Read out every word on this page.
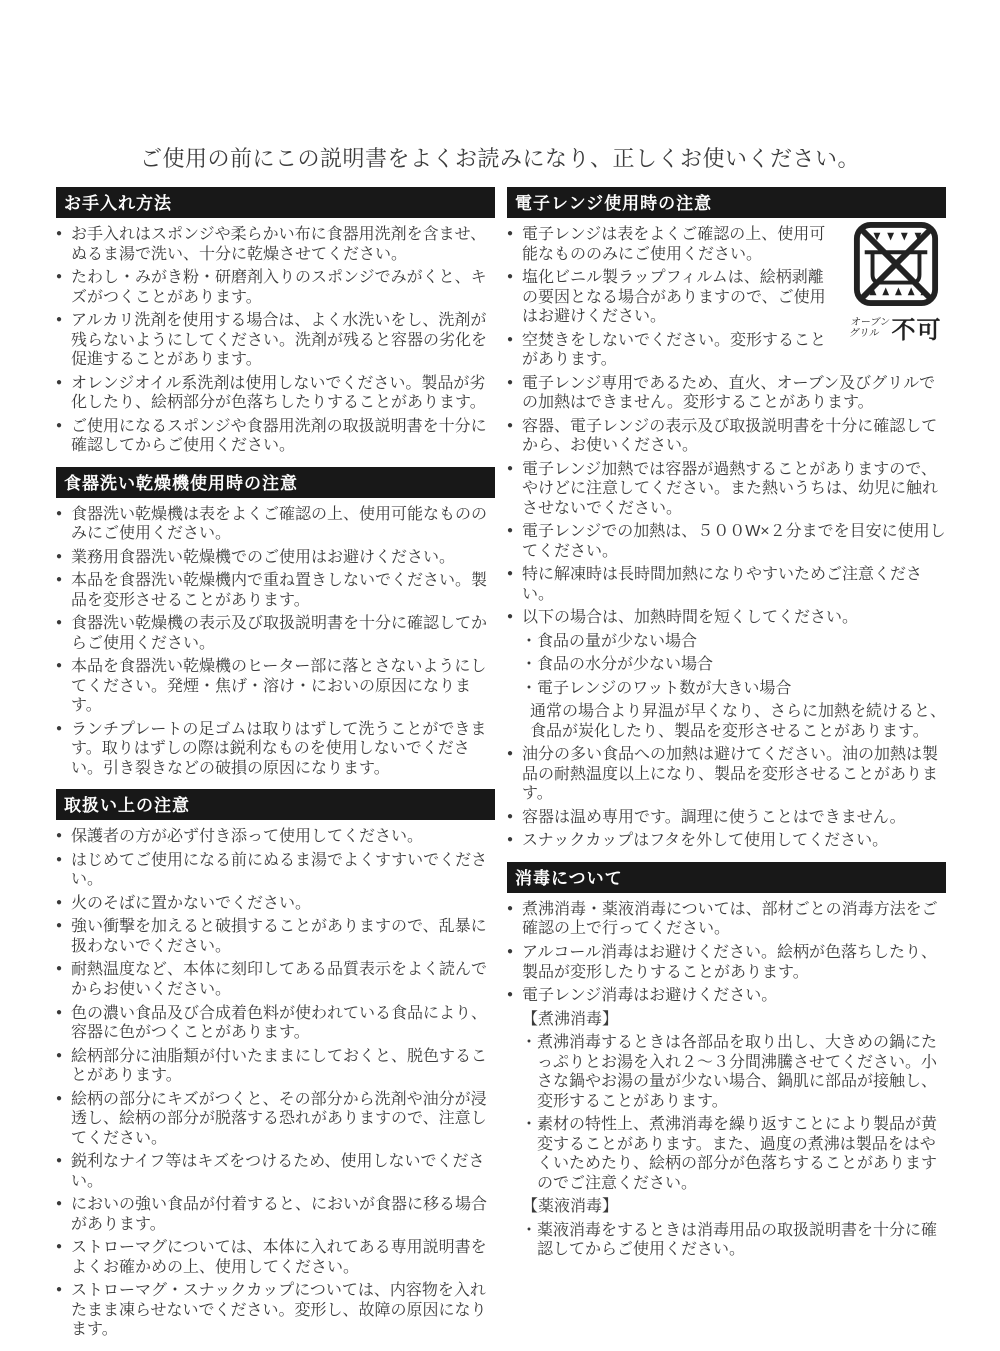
ご使用の前にこの説明書をよくお読みになり、正しくお使いください。
お手入れ方法
● お手入れはスポンジや柔らかい布に食器用洗剤を含ませ、ぬるま湯で洗い、十分に乾燥させてください。
● たわし・みがき粉・研磨剤入りのスポンジでみがくと、キズがつくことがあります。
● アルカリ洗剤を使用する場合は、よく水洗いをし、洗剤が残らないようにしてください。洗剤が残ると容器の劣化を促進することがあります。
● オレンジオイル系洗剤は使用しないでください。製品が劣化したり、絵柄部分が色落ちしたりすることがあります。
● ご使用になるスポンジや食器用洗剤の取扱説明書を十分に確認してからご使用ください。
食器洗い乾燥機使用時の注意
● 食器洗い乾燥機は表をよくご確認の上、使用可能なもののみにご使用ください。
● 業務用食器洗い乾燥機でのご使用はお避けください。
● 本品を食器洗い乾燥機内で重ね置きしないでください。製品を変形させることがあります。
● 食器洗い乾燥機の表示及び取扱説明書を十分に確認してからご使用ください。
● 本品を食器洗い乾燥機のヒーター部に落とさないようにしてください。発煙・焦げ・溶け・においの原因になります。
● ランチプレートの足ゴムは取りはずして洗うことができます。取りはずしの際は鋭利なものを使用しないでください。引き裂きなどの破損の原因になります。
取扱い上の注意
● 保護者の方が必ず付き添って使用してください。
● はじめてご使用になる前にぬるま湯でよくすすいでください。
● 火のそばに置かないでください。
● 強い衝撃を加えると破損することがありますので、乱暴に扱わないでください。
● 耐熱温度など、本体に刻印してある品質表示をよく読んでからお使いください。
● 色の濃い食品及び合成着色料が使われている食品により、容器に色がつくことがあります。
● 絵柄部分に油脂類が付いたままにしておくと、脱色することがあります。
● 絵柄の部分にキズがつくと、その部分から洗剤や油分が浸透し、絵柄の部分が脱落する恐れがありますので、注意してください。
● 鋭利なナイフ等はキズをつけるため、使用しないでください。
● においの強い食品が付着すると、においが食器に移る場合があります。
● ストローマグについては、本体に入れてある専用説明書をよくお確かめの上、使用してください。
● ストローマグ・スナックカップについては、内容物を入れたまま凍らせないでください。変形し、故障の原因になります。
電子レンジ使用時の注意
オーブン
グリル 不可
● 電子レンジは表をよくご確認の上、使用可能なもののみにご使用ください。
● 塩化ビニル製ラップフィルムは、絵柄剥離の要因となる場合がありますので、ご使用はお避けください。
● 空焚きをしないでください。変形することがあります。
● 電子レンジ専用であるため、直火、オーブン及びグリルでの加熱はできません。変形することがあります。
● 容器、電子レンジの表示及び取扱説明書を十分に確認してから、お使いください。
● 電子レンジ加熱では容器が過熱することがありますので、やけどに注意してください。また熱いうちは、幼児に触れさせないでください。
● 電子レンジでの加熱は、５００W×２分までを目安に使用してください。
● 特に解凍時は長時間加熱になりやすいためご注意ください。
● 以下の場合は、加熱時間を短くしてください。
・ 食品の量が少ない場合
・ 食品の水分が少ない場合
・ 電子レンジのワット数が大きい場合
通常の場合より昇温が早くなり、さらに加熱を続けると、食品が炭化したり、製品を変形させることがあります。
● 油分の多い食品への加熱は避けてください。油の加熱は製品の耐熱温度以上になり、製品を変形させることがあります。
● 容器は温め専用です。調理に使うことはできません。
● スナックカップはフタを外して使用してください。
消毒について
● 煮沸消毒・薬液消毒については、部材ごとの消毒方法をご確認の上で行ってください。
● アルコール消毒はお避けください。絵柄が色落ちしたり、製品が変形したりすることがあります。
● 電子レンジ消毒はお避けください。
【煮沸消毒】
・ 煮沸消毒するときは各部品を取り出し、大きめの鍋にたっぷりとお湯を入れ２～３分間沸騰させてください。小さな鍋やお湯の量が少ない場合、鍋肌に部品が接触し、変形することがあります。
・ 素材の特性上、煮沸消毒を繰り返すことにより製品が黄変することがあります。また、過度の煮沸は製品をはやくいためたり、絵柄の部分が色落ちすることがありますのでご注意ください。
【薬液消毒】
・ 薬液消毒をするときは消毒用品の取扱説明書を十分に確認してからご使用ください。
